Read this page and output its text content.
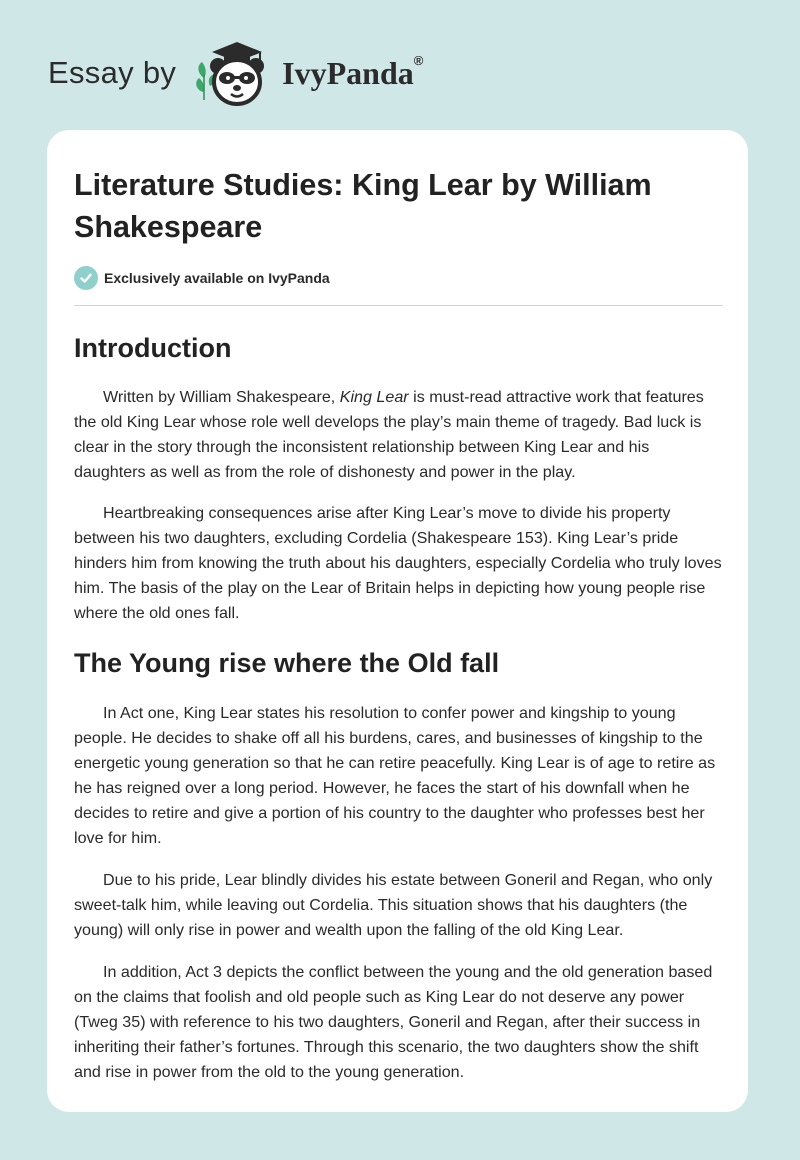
Essay by	IvyPanda®
Literature Studies: King Lear by William Shakespeare
Exclusively available on IvyPanda
Introduction

Written by William Shakespeare, King Lear is must-read attractive work that features the old King Lear whose role well develops the play’s main theme of tragedy. Bad luck is clear in the story through the inconsistent relationship between King Lear and his daughters as well as from the role of dishonesty and power in the play.

Heartbreaking consequences arise after King Lear’s move to divide his property between his two daughters, excluding Cordelia (Shakespeare 153). King Lear’s pride hinders him from knowing the truth about his daughters, especially Cordelia who truly loves him. The basis of the play on the Lear of Britain helps in depicting how young people rise where the old ones fall.

The Young rise where the Old fall

In Act one, King Lear states his resolution to confer power and kingship to young people. He decides to shake off all his burdens, cares, and businesses of kingship to the energetic young generation so that he can retire peacefully. King Lear is of age to retire as he has reigned over a long period. However, he faces the start of his downfall when he decides to retire and give a portion of his country to the daughter who professes best her love for him.

Due to his pride, Lear blindly divides his estate between Goneril and Regan, who only sweet-talk him, while leaving out Cordelia. This situation shows that his daughters (the young) will only rise in power and wealth upon the falling of the old King Lear.

In addition, Act 3 depicts the conflict between the young and the old generation based on the claims that foolish and old people such as King Lear do not deserve any power (Tweg 35) with reference to his two daughters, Goneril and Regan, after their success in inheriting their father’s fortunes. Through this scenario, the two daughters show the shift and rise in power from the old to the young generation.
